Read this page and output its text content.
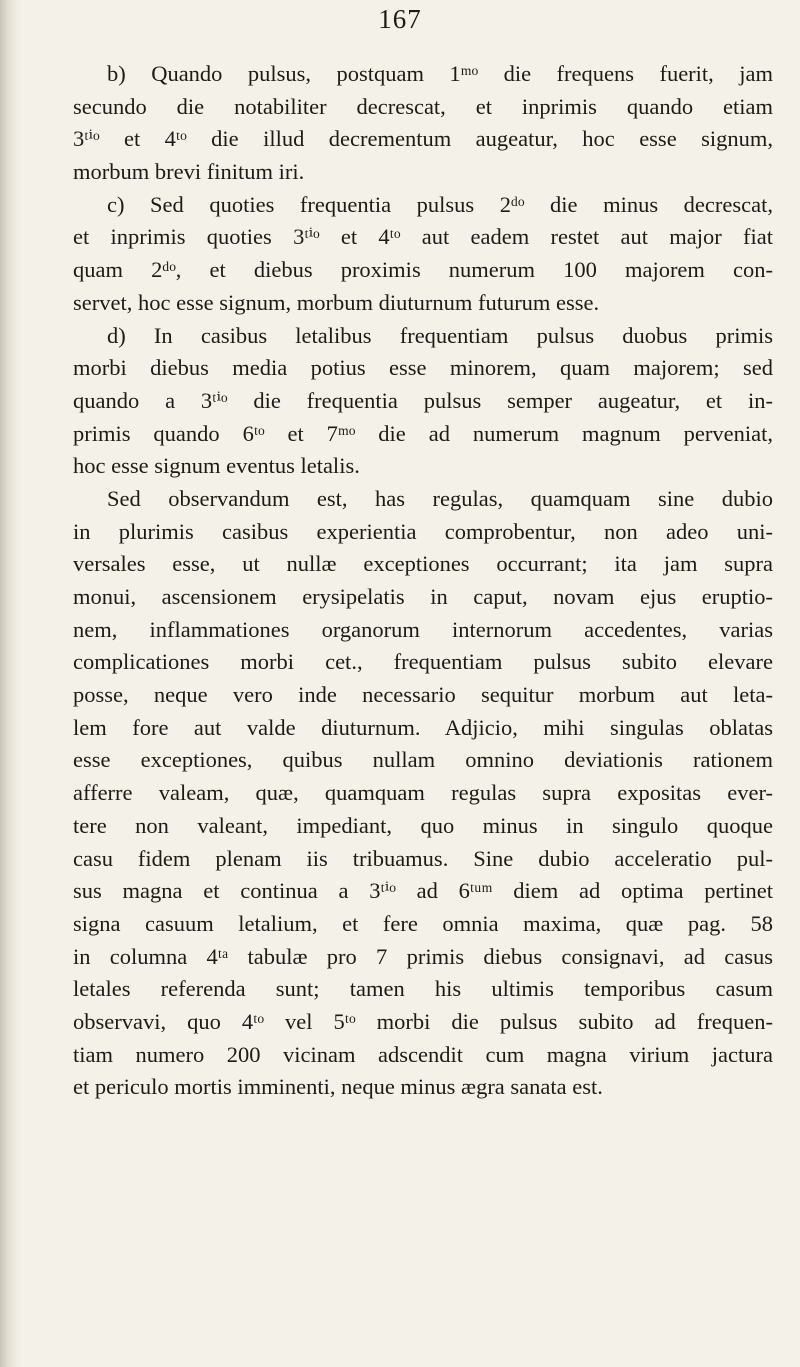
167

b) Quando pulsus, postquam 1ᵐᵒ die frequens fuerit, jam
secundo die notabiliter decrescat, et inprimis quando etiam
3ᵗⁱᵒ et 4ᵗᵒ die illud decrementum augeatur, hoc esse signum,
morbum brevi finitum iri.
c) Sed quoties frequentia pulsus 2ᵈᵒ die minus decrescat,
et inprimis quoties 3ᵗⁱᵒ et 4ᵗᵒ aut eadem restet aut major fiat
quam 2ᵈᵒ, et diebus proximis numerum 100 majorem con-
servet, hoc esse signum, morbum diuturnum futurum esse.
d) In casibus letalibus frequentiam pulsus duobus primis
morbi diebus media potius esse minorem, quam majorem; sed
quando a 3ᵗⁱᵒ die frequentia pulsus semper augeatur, et in-
primis quando 6ᵗᵒ et 7ᵐᵒ die ad numerum magnum perveniat,
hoc esse signum eventus letalis.
Sed observandum est, has regulas, quamquam sine dubio
in plurimis casibus experientia comprobentur, non adeo uni-
versales esse, ut nullæ exceptiones occurrant; ita jam supra
monui, ascensionem erysipelatis in caput, novam ejus eruptio-
nem, inflammationes organorum internorum accedentes, varias
complicationes morbi cet., frequentiam pulsus subito elevare
posse, neque vero inde necessario sequitur morbum aut leta-
lem fore aut valde diuturnum. Adjicio, mihi singulas oblatas
esse exceptiones, quibus nullam omnino deviationis rationem
afferre valeam, quæ, quamquam regulas supra expositas ever-
tere non valeant, impediant, quo minus in singulo quoque
casu fidem plenam iis tribuamus. Sine dubio acceleratio pul-
sus magna et continua a 3ᵗⁱᵒ ad 6ᵗᵘᵐ diem ad optima pertinet
signa casuum letalium, et fere omnia maxima, quæ pag. 58
in columna 4ᵗᵃ tabulæ pro 7 primis diebus consignavi, ad casus
letales referenda sunt; tamen his ultimis temporibus casum
observavi, quo 4ᵗᵒ vel 5ᵗᵒ morbi die pulsus subito ad frequen-
tiam numero 200 vicinam adscendit cum magna virium jactura
et periculo mortis imminenti, neque minus ægra sanata est.
